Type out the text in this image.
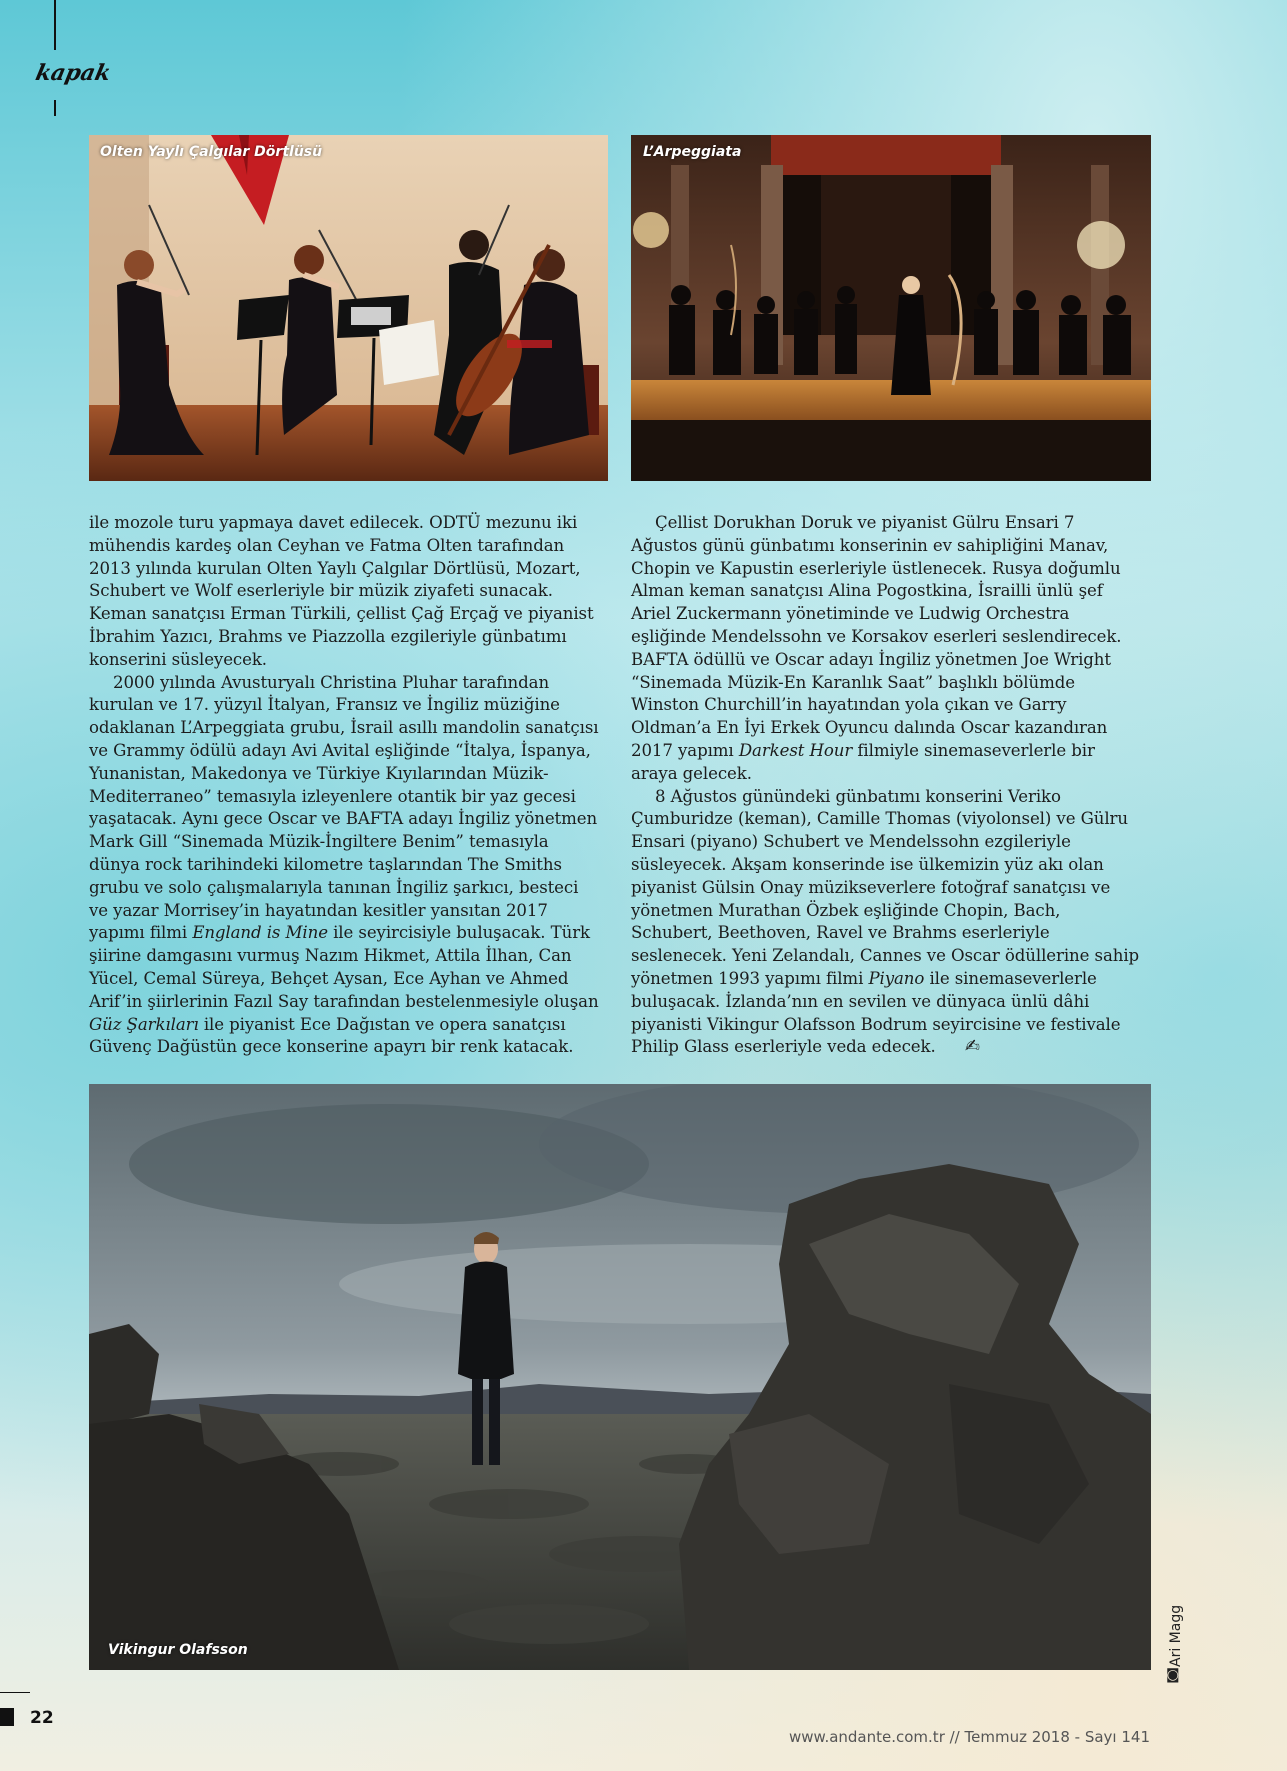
kapak
Olten Yaylı Çalgılar Dörtlüsü	L’Arpeggiata

ile mozole turu yapmaya davet edilecek. ODTÜ mezunu iki mühendis kardeş olan Ceyhan ve Fatma Olten tarafından 2013 yılında kurulan Olten Yaylı Çalgılar Dörtlüsü, Mozart, Schubert ve Wolf eserleriyle bir müzik ziyafeti sunacak. Keman sanatçısı Erman Türkili, çellist Çağ Erçağ ve piyanist İbrahim Yazıcı, Brahms ve Piazzolla ezgileriyle günbatımı konserini süsleyecek.

2000 yılında Avusturyalı Christina Pluhar tarafından kurulan ve 17. yüzyıl İtalyan, Fransız ve İngiliz müziğine odaklanan L’Arpeggiata grubu, İsrail asıllı mandolin sanatçısı ve Grammy ödülü adayı Avi Avital eşliğinde “İtalya, İspanya, Yunanistan, Makedonya ve Türkiye Kıyılarından Müzik-Mediterraneo” temasıyla izleyenlere otantik bir yaz gecesi yaşatacak. Aynı gece Oscar ve BAFTA adayı İngiliz yönetmen Mark Gill “Sinemada Müzik-İngiltere Benim” temasıyla dünya rock tarihindeki kilometre taşlarından The Smiths grubu ve solo çalışmalarıyla tanınan İngiliz şarkıcı, besteci ve yazar Morrisey’in hayatından kesitler yansıtan 2017 yapımı filmi England is Mine ile seyircisiyle buluşacak. Türk şiirine damgasını vurmuş Nazım Hikmet, Attila İlhan, Can Yücel, Cemal Süreya, Behçet Aysan, Ece Ayhan ve Ahmed Arif’in şiirlerinin Fazıl Say tarafından bestelenmesiyle oluşan Güz Şarkıları ile piyanist Ece Dağıstan ve opera sanatçısı Güvenç Dağüstün gece konserine apayrı bir renk katacak.

Çellist Dorukhan Doruk ve piyanist Gülru Ensari 7 Ağustos günü günbatımı konserinin ev sahipliğini Manav, Chopin ve Kapustin eserleriyle üstlenecek. Rusya doğumlu Alman keman sanatçısı Alina Pogostkina, İsrailli ünlü şef Ariel Zuckermann yönetiminde ve Ludwig Orchestra eşliğinde Mendelssohn ve Korsakov eserleri seslendirecek. BAFTA ödüllü ve Oscar adayı İngiliz yönetmen Joe Wright “Sinemada Müzik-En Karanlık Saat” başlıklı bölümde Winston Churchill’in hayatından yola çıkan ve Garry Oldman’a En İyi Erkek Oyuncu dalında Oscar kazandıran 2017 yapımı Darkest Hour filmiyle sinemaseverlerle bir araya gelecek.

8 Ağustos günündeki günbatımı konserini Veriko Çumburidze (keman), Camille Thomas (viyolonsel) ve Gülru Ensari (piyano) Schubert ve Mendelssohn ezgileriyle süsleyecek. Akşam konserinde ise ülkemizin yüz akı olan piyanist Gülsin Onay müzikseverlere fotoğraf sanatçısı ve yönetmen Murathan Özbek eşliğinde Chopin, Bach, Schubert, Beethoven, Ravel ve Brahms eserleriyle seslenecek. Yeni Zelandalı, Cannes ve Oscar ödüllerine sahip yönetmen 1993 yapımı filmi Piyano ile sinemaseverlerle buluşacak. İzlanda’nın en sevilen ve dünyaca ünlü dâhi piyanisti Vikingur Olafsson Bodrum seyircisine ve festivale Philip Glass eserleriyle veda edecek. ✍

Vikingur Olafsson
◙
Ari Magg
22
www.andante.com.tr // Temmuz 2018 - Sayı 141
